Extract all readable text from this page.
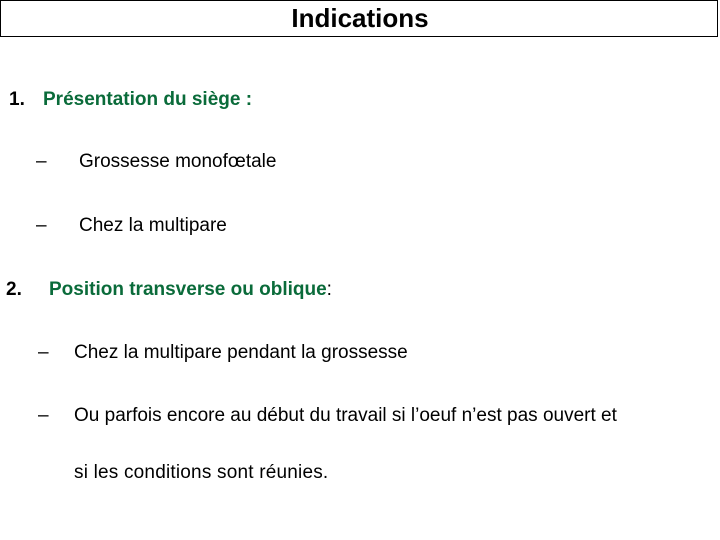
Indications
1. Présentation du siège :
– Grossesse monofœtale
– Chez la multipare
2. Position transverse ou oblique:
– Chez la multipare pendant la grossesse
– Ou parfois encore au début du travail si l’oeuf n’est pas ouvert et
si les conditions sont réunies.
